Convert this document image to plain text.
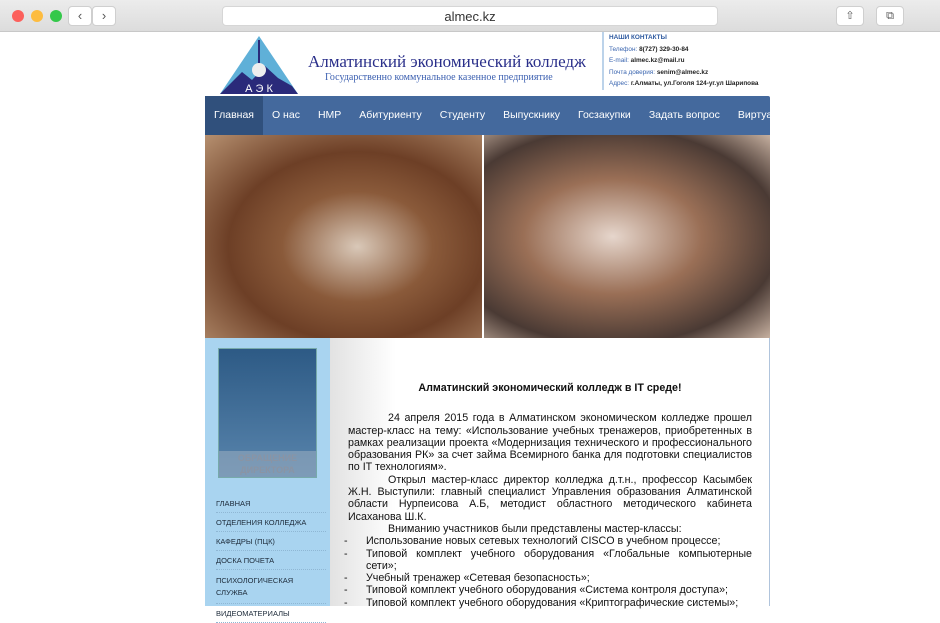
‹	›	almec.kz	⇧	⧉
А Э К
Алматинский экономический колледж
Государственно коммунальное казенное предприятие
НАШИ КОНТАКТЫ
Телефон: 8(727) 329-30-84
E-mail: almec.kz@mail.ru
Почта доверия: senim@almec.kz
Адрес: г.Алматы, ул.Гоголя 124-уг.ул Шарипова
Главная	О нас	НМР	Абитуриенту	Студенту	Выпускнику	Госзакупки	Задать вопрос	Виртуальный тур
ОБРАЩЕНИЕ ДИРЕКТОРА
ГЛАВНАЯ
ОТДЕЛЕНИЯ КОЛЛЕДЖА
КАФЕДРЫ (ПЦК)
ДОСКА ПОЧЕТА
ПСИХОЛОГИЧЕСКАЯ СЛУЖБА
ВИДЕОМАТЕРИАЛЫ
Алматинский экономический колледж в IT среде!

24 апреля 2015 года в Алматинском экономическом колледже прошел мастер-класс на тему: «Использование учебных тренажеров, приобретенных в рамках реализации проекта «Модернизация технического и профессионального образования РК» за счет займа Всемирного банка для подготовки специалистов по IT технологиям».

Открыл мастер-класс директор колледжа д.т.н., профессор Касымбек Ж.Н. Выступили: главный специалист Управления образования Алматинской области Нурпеисова А.Б, методист областного методического кабинета Исаханова Ш.К.

Вниманию участников были представлены мастер-классы:

- Использование новых сетевых технологий CISCO в учебном процессе;
- Типовой комплект учебного оборудования «Глобальные компьютерные сети»;
- Учебный тренажер «Сетевая безопасность»;
- Типовой комплект учебного оборудования «Система контроля доступа»;
- Типовой комплект учебного оборудования «Криптографические системы»;
